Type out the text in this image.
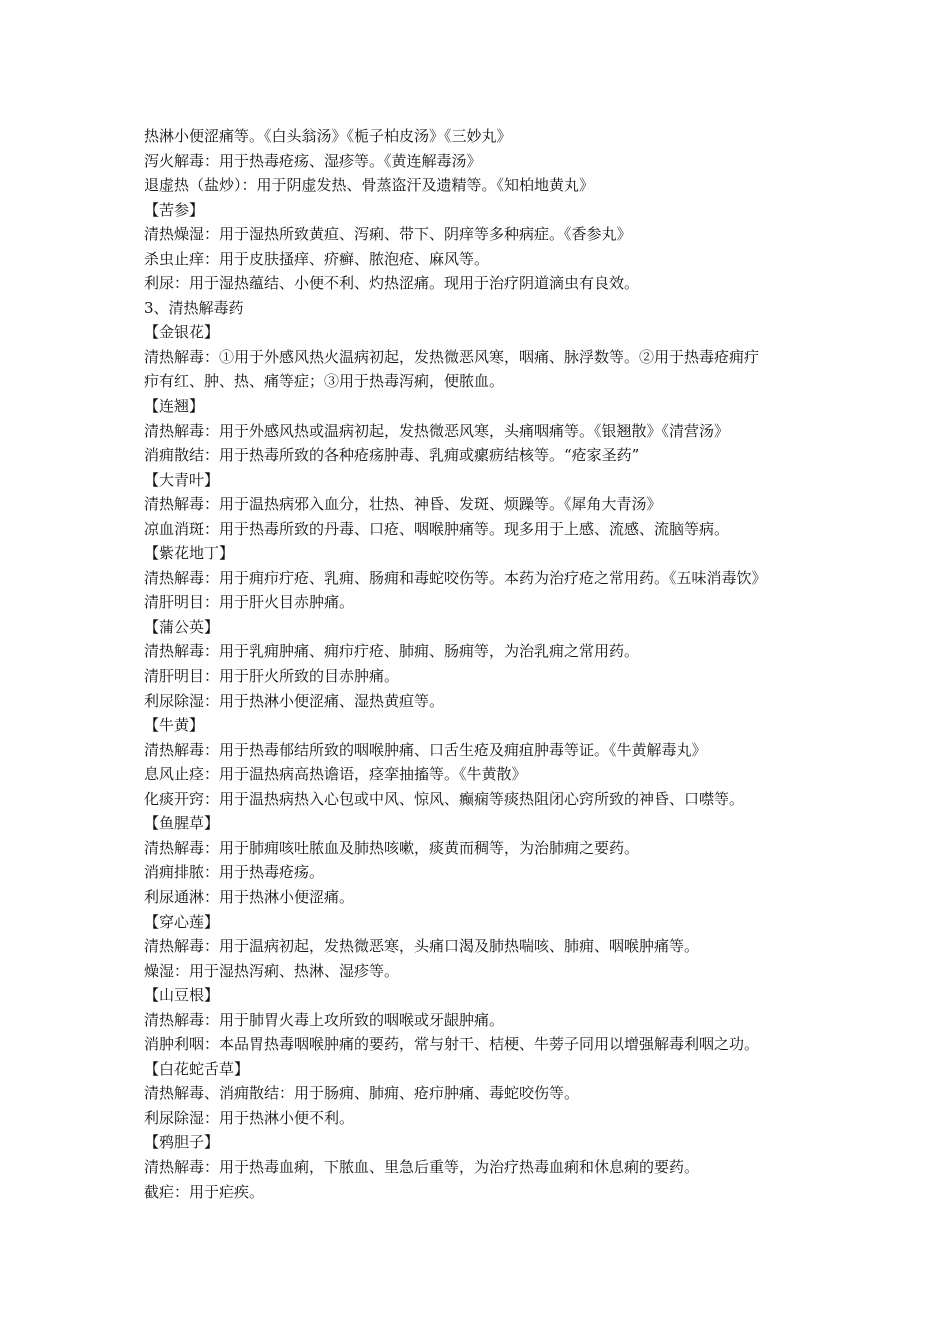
热淋小便涩痛等。《白头翁汤》《栀子柏皮汤》《三妙丸》
泻火解毒：用于热毒疮疡、湿疹等。《黄连解毒汤》
退虚热（盐炒）：用于阴虚发热、骨蒸盗汗及遗精等。《知柏地黄丸》
【苦参】
清热燥湿：用于湿热所致黄疸、泻痢、带下、阴痒等多种病症。《香参丸》
杀虫止痒：用于皮肤搔痒、疥癣、脓泡疮、麻风等。
利尿：用于湿热蕴结、小便不利、灼热涩痛。现用于治疗阴道滴虫有良效。
3、清热解毒药
【金银花】
清热解毒：①用于外感风热火温病初起，发热微恶风寒，咽痛、脉浮数等。②用于热毒疮痈疔
疖有红、肿、热、痛等症；③用于热毒泻痢，便脓血。
【连翘】
清热解毒：用于外感风热或温病初起，发热微恶风寒，头痛咽痛等。《银翘散》《清营汤》
消痈散结：用于热毒所致的各种疮疡肿毒、乳痈或瘰疬结核等。“疮家圣药”
【大青叶】
清热解毒：用于温热病邪入血分，壮热、神昏、发斑、烦躁等。《犀角大青汤》
凉血消斑：用于热毒所致的丹毒、口疮、咽喉肿痛等。现多用于上感、流感、流脑等病。
【紫花地丁】
清热解毒：用于痈疖疔疮、乳痈、肠痈和毒蛇咬伤等。本药为治疗疮之常用药。《五味消毒饮》
清肝明目：用于肝火目赤肿痛。
【蒲公英】
清热解毒：用于乳痈肿痛、痈疖疔疮、肺痈、肠痈等，为治乳痈之常用药。
清肝明目：用于肝火所致的目赤肿痛。
利尿除湿：用于热淋小便涩痛、湿热黄疸等。
【牛黄】
清热解毒：用于热毒郁结所致的咽喉肿痛、口舌生疮及痈疽肿毒等证。《牛黄解毒丸》
息风止痉：用于温热病高热谵语，痉挛抽搐等。《牛黄散》
化痰开窍：用于温热病热入心包或中风、惊风、癫痫等痰热阻闭心窍所致的神昏、口噤等。
【鱼腥草】
清热解毒：用于肺痈咳吐脓血及肺热咳嗽，痰黄而稠等，为治肺痈之要药。
消痈排脓：用于热毒疮疡。
利尿通淋：用于热淋小便涩痛。
【穿心莲】
清热解毒：用于温病初起，发热微恶寒，头痛口渴及肺热喘咳、肺痈、咽喉肿痛等。
燥湿：用于湿热泻痢、热淋、湿疹等。
【山豆根】
清热解毒：用于肺胃火毒上攻所致的咽喉或牙龈肿痛。
消肿利咽：本品胃热毒咽喉肿痛的要药，常与射干、桔梗、牛蒡子同用以增强解毒利咽之功。
【白花蛇舌草】
清热解毒、消痈散结：用于肠痈、肺痈、疮疖肿痛、毒蛇咬伤等。
利尿除湿：用于热淋小便不利。
【鸦胆子】
清热解毒：用于热毒血痢，下脓血、里急后重等，为治疗热毒血痢和休息痢的要药。
截疟：用于疟疾。
